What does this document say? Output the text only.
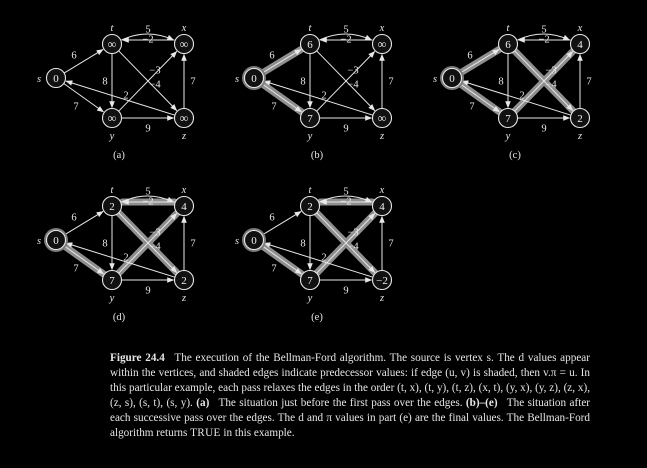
5
−2
6
7
8	−4
−3
7
9
2
0
s
∞
t
∞
x
∞
y
∞
z
(a)
5
−2
6
7
8	−4
−3
7
9
2
0
s
6
t
∞
x
7
y
∞
z
(b)
5
−2
6
7
8	−4
−3
7
9
2
0
s
6
t
4
x
7
y
2
z
(c)
5
−2
6
7
8	−4
−3
7
9
2
0
s
2
t
4
x
7
y
2
z
(d)
5
−2
6
7
8	−4
−3
7
9
2
0
s
2
t
4
x
7
y
−2
z
(e)
Figure 24.4 The execution of the Bellman-Ford algorithm. The source is vertex s. The d values appear within the vertices, and shaded edges indicate predecessor values: if edge (u, v) is shaded, then v.π = u. In this particular example, each pass relaxes the edges in the order (t, x), (t, y), (t, z), (x, t), (y, x), (y, z), (z, x), (z, s), (s, t), (s, y). (a) The situation just before the first pass over the edges. (b)–(e) The situation after each successive pass over the edges. The d and π values in part (e) are the final values. The Bellman-Ford algorithm returns TRUE in this example.
